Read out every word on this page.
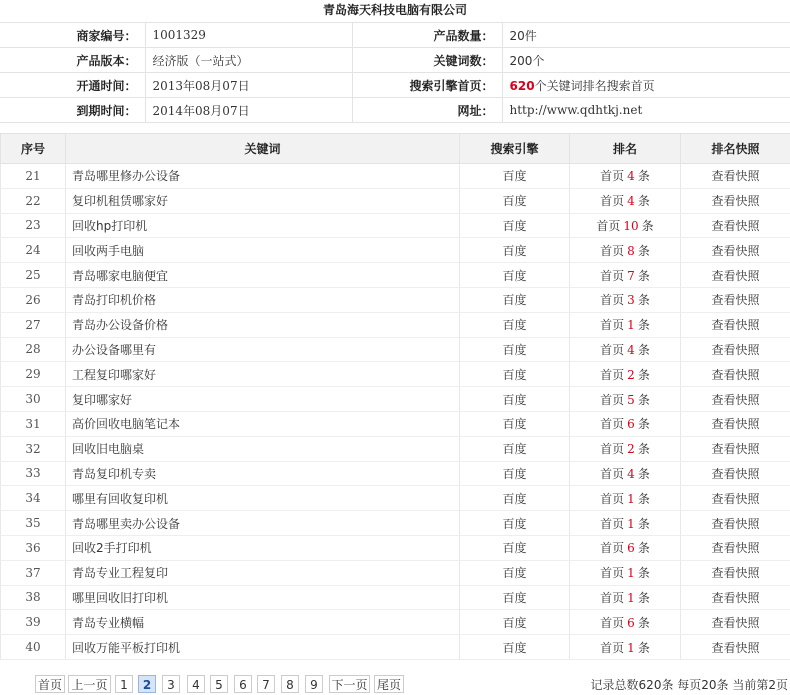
青岛海天科技电脑有限公司
商家编号：	1001329	产品数量：	20件
产品版本：	经济版（一站式）	关键词数：	200个
开通时间：	2013年08月07日	搜索引擎首页：	620个关键词排名搜索首页
到期时间：	2014年08月07日	网址：	http://www.qdhtkj.net
序号	关键词	搜索引擎	排名	排名快照
21	青岛哪里修办公设备	百度	首页 4 条	查看快照
22	复印机租赁哪家好	百度	首页 4 条	查看快照
23	回收hp打印机	百度	首页 10 条	查看快照
24	回收两手电脑	百度	首页 8 条	查看快照
25	青岛哪家电脑便宜	百度	首页 7 条	查看快照
26	青岛打印机价格	百度	首页 3 条	查看快照
27	青岛办公设备价格	百度	首页 1 条	查看快照
28	办公设备哪里有	百度	首页 4 条	查看快照
29	工程复印哪家好	百度	首页 2 条	查看快照
30	复印哪家好	百度	首页 5 条	查看快照
31	高价回收电脑笔记本	百度	首页 6 条	查看快照
32	回收旧电脑桌	百度	首页 2 条	查看快照
33	青岛复印机专卖	百度	首页 4 条	查看快照
34	哪里有回收复印机	百度	首页 1 条	查看快照
35	青岛哪里卖办公设备	百度	首页 1 条	查看快照
36	回收2手打印机	百度	首页 6 条	查看快照
37	青岛专业工程复印	百度	首页 1 条	查看快照
38	哪里回收旧打印机	百度	首页 1 条	查看快照
39	青岛专业横幅	百度	首页 6 条	查看快照
40	回收万能平板打印机	百度	首页 1 条	查看快照
首页 上一页	1	2	3	4	5	6	7	8	9	下一页 尾页	记录总数620条 每页20条 当前第2页
